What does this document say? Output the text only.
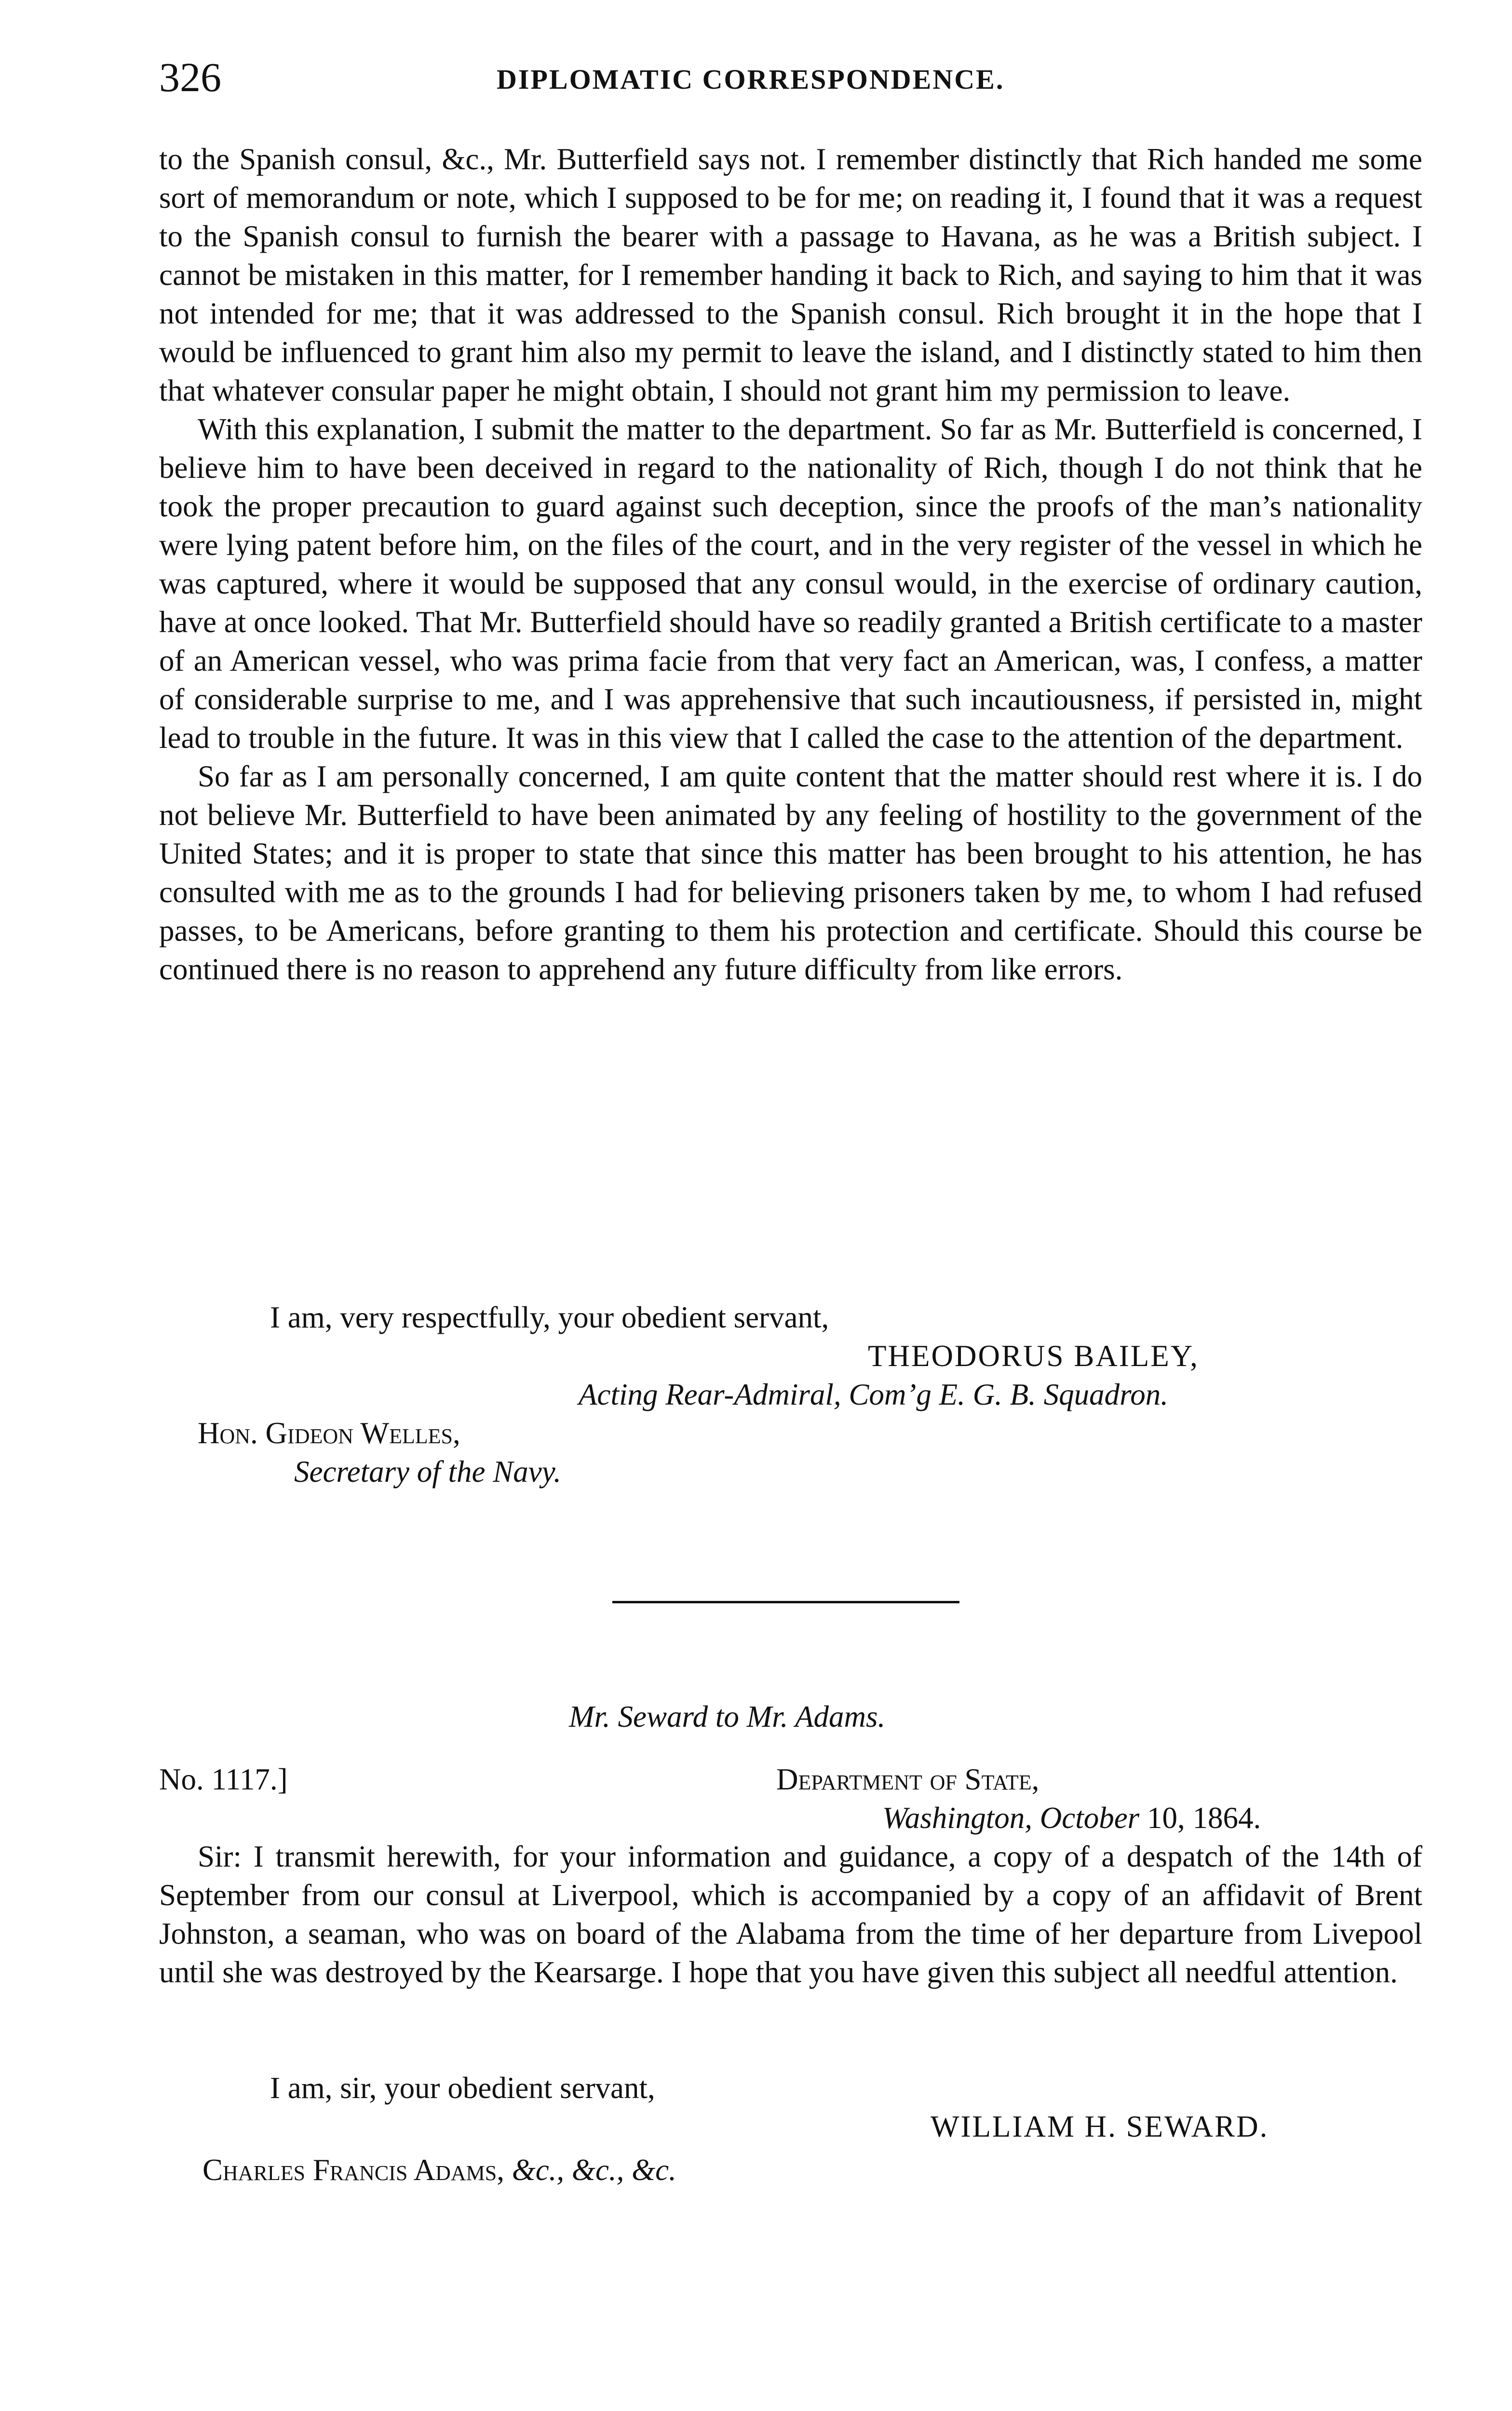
326	DIPLOMATIC CORRESPONDENCE.

to the Spanish consul, &c., Mr. Butterfield says not. I remember distinctly that Rich handed me some sort of memorandum or note, which I supposed to be for me; on reading it, I found that it was a request to the Spanish consul to furnish the bearer with a passage to Havana, as he was a British subject. I cannot be mistaken in this matter, for I remember handing it back to Rich, and saying to him that it was not intended for me; that it was addressed to the Spanish consul. Rich brought it in the hope that I would be influenced to grant him also my permit to leave the island, and I distinctly stated to him then that whatever consular paper he might obtain, I should not grant him my permission to leave.

With this explanation, I submit the matter to the department. So far as Mr. Butterfield is concerned, I believe him to have been deceived in regard to the nationality of Rich, though I do not think that he took the proper precaution to guard against such deception, since the proofs of the man’s nationality were lying patent before him, on the files of the court, and in the very register of the vessel in which he was captured, where it would be supposed that any consul would, in the exercise of ordinary caution, have at once looked. That Mr. Butterfield should have so readily granted a British certificate to a master of an American vessel, who was prima facie from that very fact an American, was, I confess, a matter of considerable surprise to me, and I was apprehensive that such incautiousness, if persisted in, might lead to trouble in the future. It was in this view that I called the case to the attention of the department.

So far as I am personally concerned, I am quite content that the matter should rest where it is. I do not believe Mr. Butterfield to have been animated by any feeling of hostility to the government of the United States; and it is proper to state that since this matter has been brought to his attention, he has consulted with me as to the grounds I had for believing prisoners taken by me, to whom I had refused passes, to be Americans, before granting to them his protection and certificate. Should this course be continued there is no reason to apprehend any future difficulty from like errors.

I am, very respectfully, your obedient servant,
THEODORUS BAILEY,
Acting Rear-Admiral, Com’g E. G. B. Squadron.
Hon. Gideon Welles,
Secretary of the Navy.
Mr. Seward to Mr. Adams.
No. 1117.]	Department of State,
Washington, October 10, 1864.

Sir: I transmit herewith, for your information and guidance, a copy of a despatch of the 14th of September from our consul at Liverpool, which is accompanied by a copy of an affidavit of Brent Johnston, a seaman, who was on board of the Alabama from the time of her departure from Livepool until she was destroyed by the Kearsarge. I hope that you have given this subject all needful attention.

I am, sir, your obedient servant,
WILLIAM H. SEWARD.
Charles Francis Adams, &c., &c., &c.
